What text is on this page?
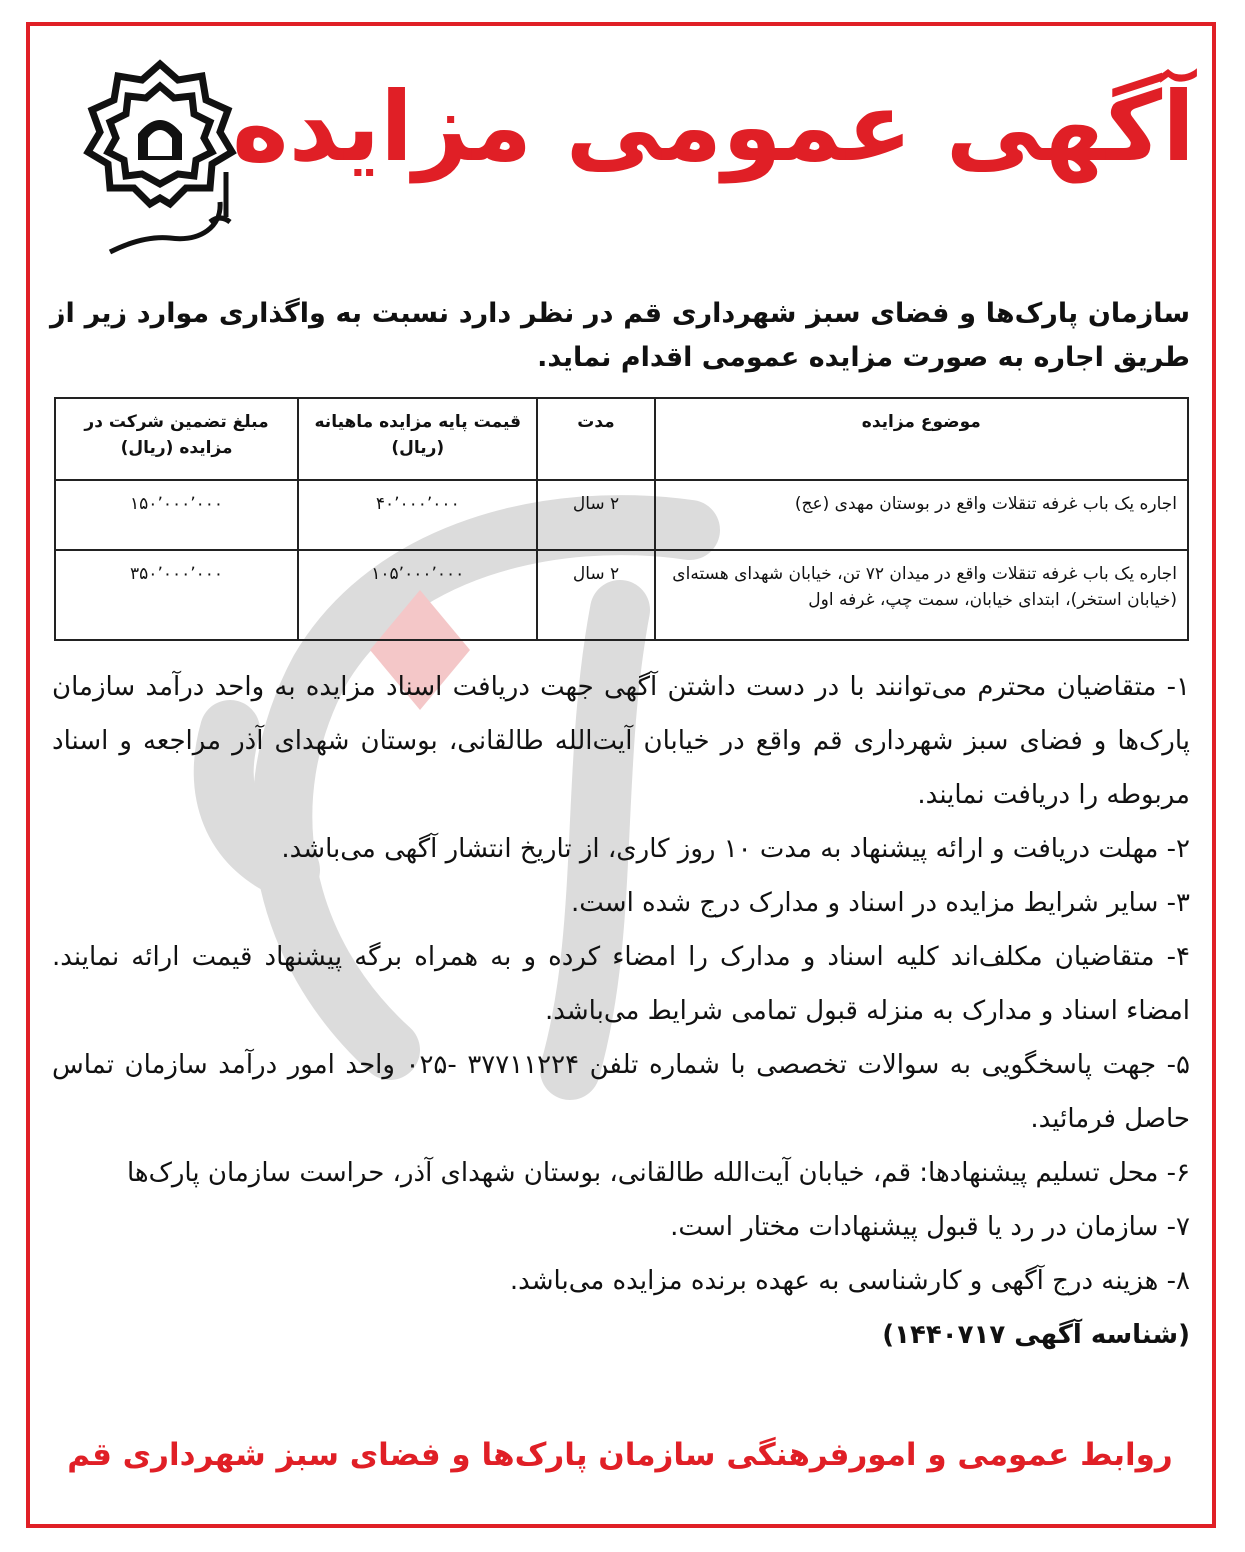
آگهی عمومی مزایده
سازمان پارک‌ها و فضای سبز شهرداری قم در نظر دارد نسبت به واگذاری موارد زیر از طریق اجاره به صورت مزایده عمومی اقدام نماید.
موضوع مزایده	مدت	قیمت پایه مزایده ماهیانه (ریال)	مبلغ تضمین شرکت در مزایده (ریال)
اجاره یک باب غرفه تنقلات واقع در بوستان مهدی (عج)	۲ سال	۴۰٬۰۰۰٬۰۰۰	۱۵۰٬۰۰۰٬۰۰۰
اجاره یک باب غرفه تنقلات واقع در میدان ۷۲ تن، خیابان شهدای هسته‌ای (خیابان استخر)، ابتدای خیابان، سمت چپ، غرفه اول	۲ سال	۱۰۵٬۰۰۰٬۰۰۰	۳۵۰٬۰۰۰٬۰۰۰

۱- متقاضیان محترم می‌توانند با در دست داشتن آگهی جهت دریافت اسناد مزایده به واحد درآمد سازمان پارک‌ها و فضای سبز شهرداری قم واقع در خیابان آیت‌الله طالقانی، بوستان شهدای آذر مراجعه و اسناد مربوطه را دریافت نمایند.

۲- مهلت دریافت و ارائه پیشنهاد به مدت ۱۰ روز کاری، از تاریخ انتشار آگهی می‌باشد.

۳- سایر شرایط مزایده در اسناد و مدارک درج شده است.

۴- متقاضیان مکلف‌اند کلیه اسناد و مدارک را امضاء کرده و به همراه برگه پیشنهاد قیمت ارائه نمایند. امضاء اسناد و مدارک به منزله قبول تمامی شرایط می‌باشد.

۵- جهت پاسخگویی به سوالات تخصصی با شماره تلفن ۳۷۷۱۱۲۲۴ -۰۲۵ واحد امور درآمد سازمان تماس حاصل فرمائید.

۶- محل تسلیم پیشنهادها: قم، خیابان آیت‌الله طالقانی، بوستان شهدای آذر، حراست سازمان پارک‌ها

۷- سازمان در رد یا قبول پیشنهادات مختار است.

۸- هزینه درج آگهی و کارشناسی به عهده برنده مزایده می‌باشد.

(شناسه آگهی ۱۴۴۰۷۱۷)

روابط عمومی و امورفرهنگی سازمان پارک‌ها و فضای سبز شهرداری قم
